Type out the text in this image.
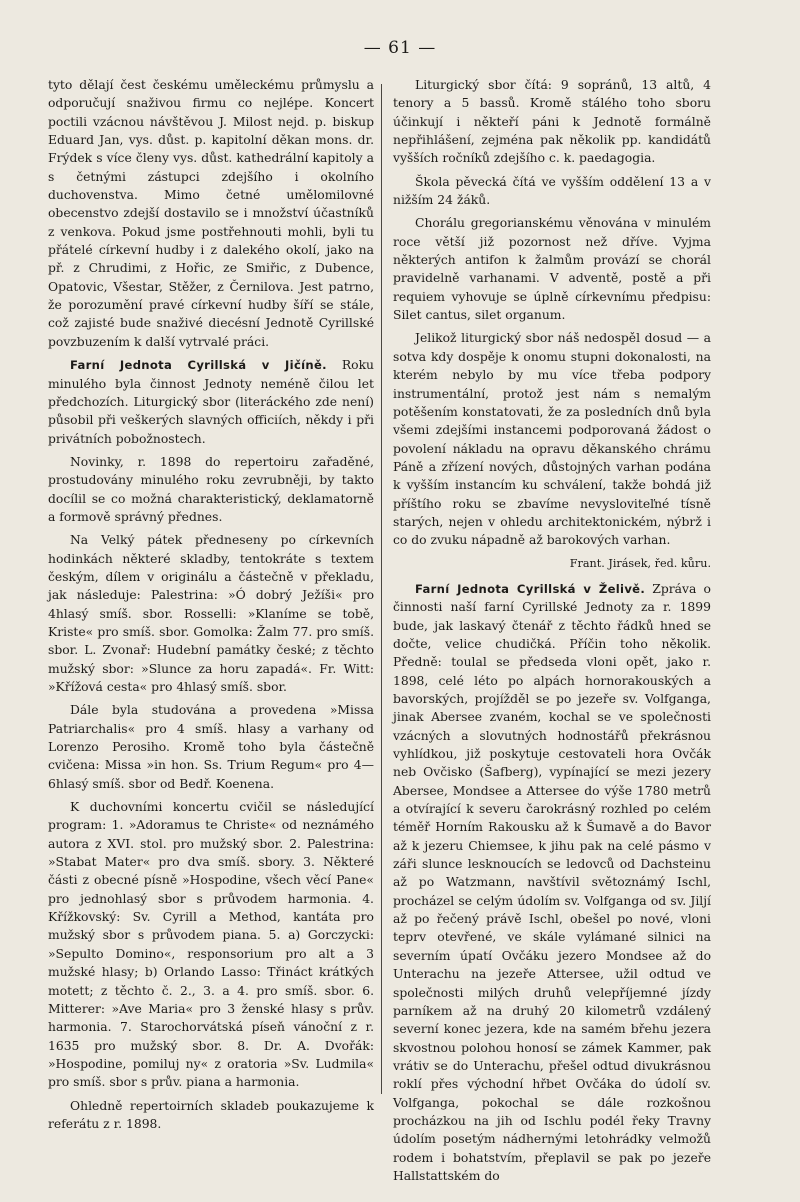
— 61 —

tyto dělají čest českému uměleckému průmyslu a odporučují snaživou firmu co nejlépe. Koncert poctili vzácnou návštěvou J. Milost nejd. p. biskup Eduard Jan, vys. důst. p. kapitolní děkan mons. dr. Frýdek s více členy vys. důst. kathedrální kapitoly a s četnými zástupci zdejšího i okolního duchovenstva. Mimo četné umělomilovné obecenstvo zdejší dostavilo se i množství účastníků z venkova. Pokud jsme postřehnouti mohli, byli tu přátelé církevní hudby i z dalekého okolí, jako na př. z Chrudimi, z Hořic, ze Smiřic, z Dubence, Opatovic, Všestar, Stěžer, z Černilova. Jest patrno, že porozumění pravé církevní hudby šíří se stále, což zajisté bude snaživé diecésní Jednotě Cyrillské povzbuzením k další vytrvalé práci.

Farní Jednota Cyrillská v Jičíně. Roku minulého byla činnost Jednoty neméně čilou let předchozích. Liturgický sbor (literáckého zde není) působil při veškerých slavných officiích, někdy i při privátních pobožnostech.

Novinky, r. 1898 do repertoiru zařaděné, prostudovány minulého roku zevrubněji, by takto docílil se co možná charakteristický, deklamatorně a formově správný přednes.

Na Velký pátek předneseny po církevních hodinkách některé skladby, tentokráte s textem českým, dílem v originálu a částečně v překladu, jak následuje: Palestrina: »Ó dobrý Ježíši« pro 4hlasý smíš. sbor. Rosselli: »Klaníme se tobě, Kriste« pro smíš. sbor. Gomolka: Žalm 77. pro smíš. sbor. L. Zvonař: Hudební památky české; z těchto mužský sbor: »Slunce za horu zapadá«. Fr. Witt: »Křížová cesta« pro 4hlasý smíš. sbor.

Dále byla studována a provedena »Missa Patriarchalis« pro 4 smíš. hlasy a varhany od Lorenzo Perosiho. Kromě toho byla částečně cvičena: Missa »in hon. Ss. Trium Regum« pro 4—6hlasý smíš. sbor od Bedř. Koenena.

K duchovními koncertu cvičil se následující program: 1. »Adoramus te Christe« od neznámého autora z XVI. stol. pro mužský sbor. 2. Palestrina: »Stabat Mater« pro dva smíš. sbory. 3. Některé části z obecné písně »Hospodine, všech věcí Pane« pro jednohlasý sbor s průvodem harmonia. 4. Křížkovský: Sv. Cyrill a Method, kantáta pro mužský sbor s průvodem piana. 5. a) Gorczycki: »Sepulto Domino«, responsorium pro alt a 3 mužské hlasy; b) Orlando Lasso: Třináct krátkých motett; z těchto č. 2., 3. a 4. pro smíš. sbor. 6. Mitterer: »Ave Maria« pro 3 ženské hlasy s prův. harmonia. 7. Starochorvátská píseň vánoční z r. 1635 pro mužský sbor. 8. Dr. A. Dvořák: »Hospodine, pomiluj ny« z oratoria »Sv. Ludmila« pro smíš. sbor s prův. piana a harmonia.

Ohledně repertoirních skladeb poukazujeme k referátu z r. 1898.

Liturgický sbor čítá: 9 sopránů, 13 altů, 4 tenory a 5 bassů. Kromě stálého toho sboru účinkují i někteří páni k Jednotě formálně nepřihlášení, zejména pak několik pp. kandidátů vyšších ročníků zdejšího c. k. paedagogia.

Škola pěvecká čítá ve vyšším oddělení 13 a v nižším 24 žáků.

Chorálu gregorianskému věnována v minulém roce větší již pozornost než dříve. Vyjma některých antifon k žalmům provází se chorál pravidelně varhanami. V adventě, postě a při requiem vyhovuje se úplně církevnímu předpisu: Silet cantus, silet organum.

Jelikož liturgický sbor náš nedospěl dosud — a sotva kdy dospěje k onomu stupni dokonalosti, na kterém nebylo by mu více třeba podpory instrumentální, protož jest nám s nemalým potěšením konstatovati, že za posledních dnů byla všemi zdejšími instancemi podporovaná žádost o povolení nákladu na opravu děkanského chrámu Páně a zřízení nových, důstojných varhan podána k vyšším instancím ku schválení, takže bohdá již příštího roku se zbavíme nevysloviteľné tísně starých, nejen v ohledu architektonickém, nýbrž i co do zvuku nápadně až barokových varhan.

Frant. Jirásek, řed. kůru.

Farní Jednota Cyrillská v Želivě. Zpráva o činnosti naší farní Cyrillské Jednoty za r. 1899 bude, jak laskavý čtenář z těchto řádků hned se dočte, velice chudičká. Příčin toho několik. Předně: toulal se předseda vloni opět, jako r. 1898, celé léto po alpách hornorakouských a bavorských, projížděl se po jezeře sv. Volfganga, jinak Abersee zvaném, kochal se ve společnosti vzácných a slovutných hodnostářů překrásnou vyhlídkou, již poskytuje cestovateli hora Ovčák neb Ovčisko (Šafberg), vypínající se mezi jezery Abersee, Mondsee a Attersee do výše 1780 metrů a otvírající k severu čarokrásný rozhled po celém téměř Horním Rakousku až k Šumavě a do Bavor až k jezeru Chiemsee, k jihu pak na celé pásmo v záři slunce lesknoucích se ledovců od Dachsteinu až po Watzmann, navštívil světoznámý Ischl, procházel se celým údolím sv. Volfganga od sv. Jiljí až po řečený právě Ischl, obešel po nové, vloni teprv otevřené, ve skále vylámané silnici na severním úpatí Ovčáku jezero Mondsee až do Unterachu na jezeře Attersee, užil odtud ve společnosti milých druhů velepříjemné jízdy parníkem až na druhý 20 kilometrů vzdálený severní konec jezera, kde na samém břehu jezera skvostnou polohou honosí se zámek Kammer, pak vrátiv se do Unterachu, přešel odtud divukrásnou roklí přes východní hřbet Ovčáka do údolí sv. Volfganga, pokochal se dále rozkošnou procházkou na jih od Ischlu podél řeky Travny údolím posetým nádhernými letohrádky velmožů rodem i bohatstvím, přeplavil se pak po jezeře Hallstattském do
